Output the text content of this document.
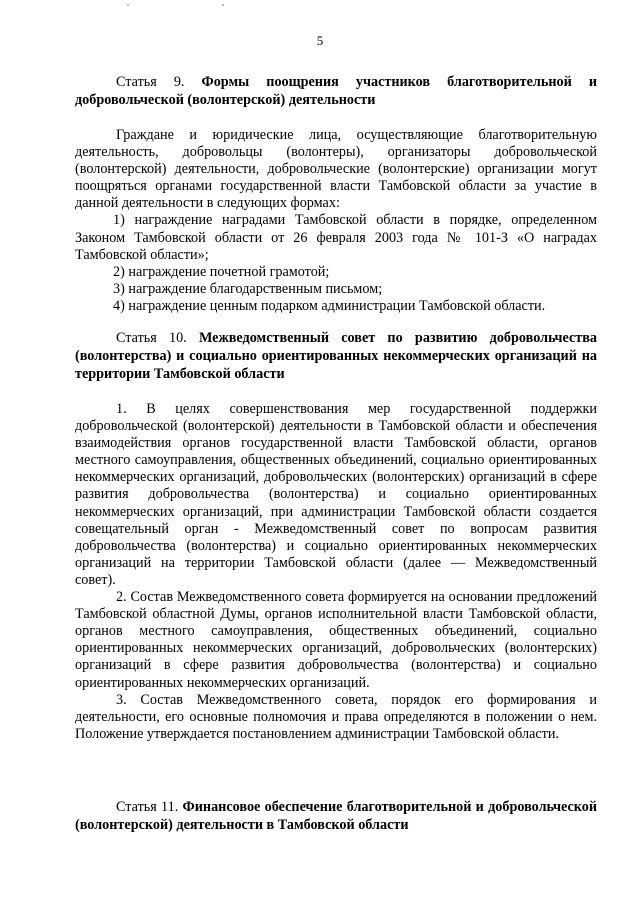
5

Статья 9. Формы поощрения участников благотворительной и добровольческой (волонтерской) деятельности

Граждане и юридические лица, осуществляющие благотворительную деятельность, добровольцы (волонтеры), организаторы добровольческой (волонтерской) деятельности, добровольческие (волонтерские) организации могут поощряться органами государственной власти Тамбовской области за участие в данной деятельности в следующих формах:

1) награждение наградами Тамбовской области в порядке, определенном Законом Тамбовской области от 26 февраля 2003 года № 101-З «О наградах Тамбовской области»;

2) награждение почетной грамотой;

3) награждение благодарственным письмом;

4) награждение ценным подарком администрации Тамбовской области.

Статья 10. Межведомственный совет по развитию добровольчества (волонтерства) и социально ориентированных некоммерческих организаций на территории Тамбовской области

1. В целях совершенствования мер государственной поддержки добровольческой (волонтерской) деятельности в Тамбовской области и обеспечения взаимодействия органов государственной власти Тамбовской области, органов местного самоуправления, общественных объединений, социально ориентированных некоммерческих организаций, добровольческих (волонтерских) организаций в сфере развития добровольчества (волонтерства) и социально ориентированных некоммерческих организаций, при администрации Тамбовской области создается совещательный орган - Межведомственный совет по вопросам развития добровольчества (волонтерства) и социально ориентированных некоммерческих организаций на территории Тамбовской области (далее — Межведомственный совет).

2. Состав Межведомственного совета формируется на основании предложений Тамбовской областной Думы, органов исполнительной власти Тамбовской области, органов местного самоуправления, общественных объединений, социально ориентированных некоммерческих организаций, добровольческих (волонтерских) организаций в сфере развития добровольчества (волонтерства) и социально ориентированных некоммерческих организаций.

3. Состав Межведомственного совета, порядок его формирования и деятельности, его основные полномочия и права определяются в положении о нем. Положение утверждается постановлением администрации Тамбовской области.

Статья 11. Финансовое обеспечение благотворительной и добровольческой (волонтерской) деятельности в Тамбовской области
